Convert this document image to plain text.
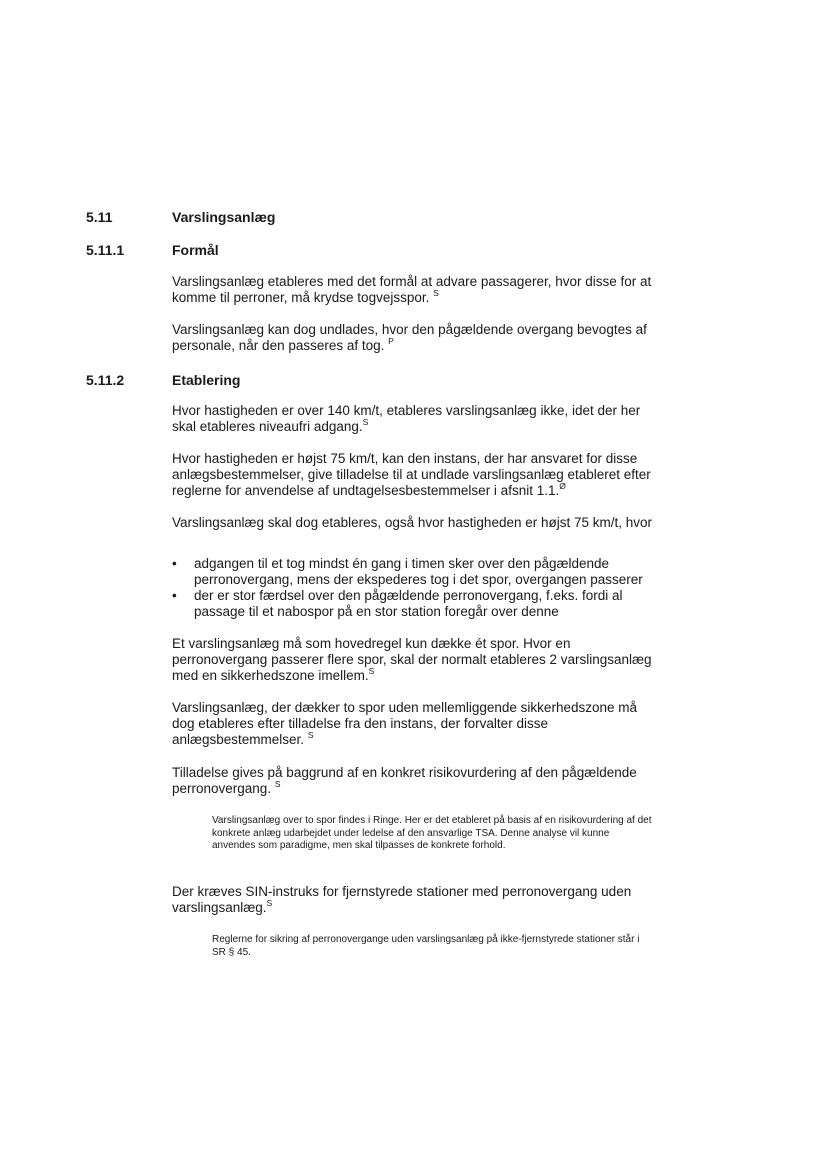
5.11	Varslingsanlæg
5.11.1	Formål
Varslingsanlæg etableres med det formål at advare passagerer, hvor disse for at komme til perroner, må krydse togvejsspor. $^S$
Varslingsanlæg kan dog undlades, hvor den pågældende overgang bevogtes af personale, når den passeres af tog. $^P$
5.11.2	Etablering
Hvor hastigheden er over 140 km/t, etableres varslingsanlæg ikke, idet der her skal etableres niveaufri adgang.$^S$
Hvor hastigheden er højst 75 km/t, kan den instans, der har ansvaret for disse anlægsbestemmelser, give tilladelse til at undlade varslingsanlæg etableret efter reglerne for anvendelse af undtagelsesbestemmelser i afsnit 1.1.$^Ø$
Varslingsanlæg skal dog etableres, også hvor hastigheden er højst 75 km/t, hvor
• adgangen til et tog mindst én gang i timen sker over den pågældende perronovergang, mens der ekspederes tog i det spor, overgangen passerer
• der er stor færdsel over den pågældende perronovergang, f.eks. fordi al passage til et nabospor på en stor station foregår over denne
Et varslingsanlæg må som hovedregel kun dække ét spor. Hvor en perronovergang passerer flere spor, skal der normalt etableres 2 varslingsanlæg med en sikkerhedszone imellem.$^S$
Varslingsanlæg, der dækker to spor uden mellemliggende sikkerhedszone må dog etableres efter tilladelse fra den instans, der forvalter disse anlægsbestemmelser. $^S$
Tilladelse gives på baggrund af en konkret risikovurdering af den pågældende perronovergang. $^S$
Varslingsanlæg over to spor findes i Ringe. Her er det etableret på basis af en risikovurdering af det konkrete anlæg udarbejdet under ledelse af den ansvarlige TSA. Denne analyse vil kunne anvendes som paradigme, men skal tilpasses de konkrete forhold.
Der kræves SIN-instruks for fjernstyrede stationer med perronovergang uden varslingsanlæg.$^S$
Reglerne for sikring af perronovergange uden varslingsanlæg på ikke-fjernstyrede stationer står i SR § 45.
